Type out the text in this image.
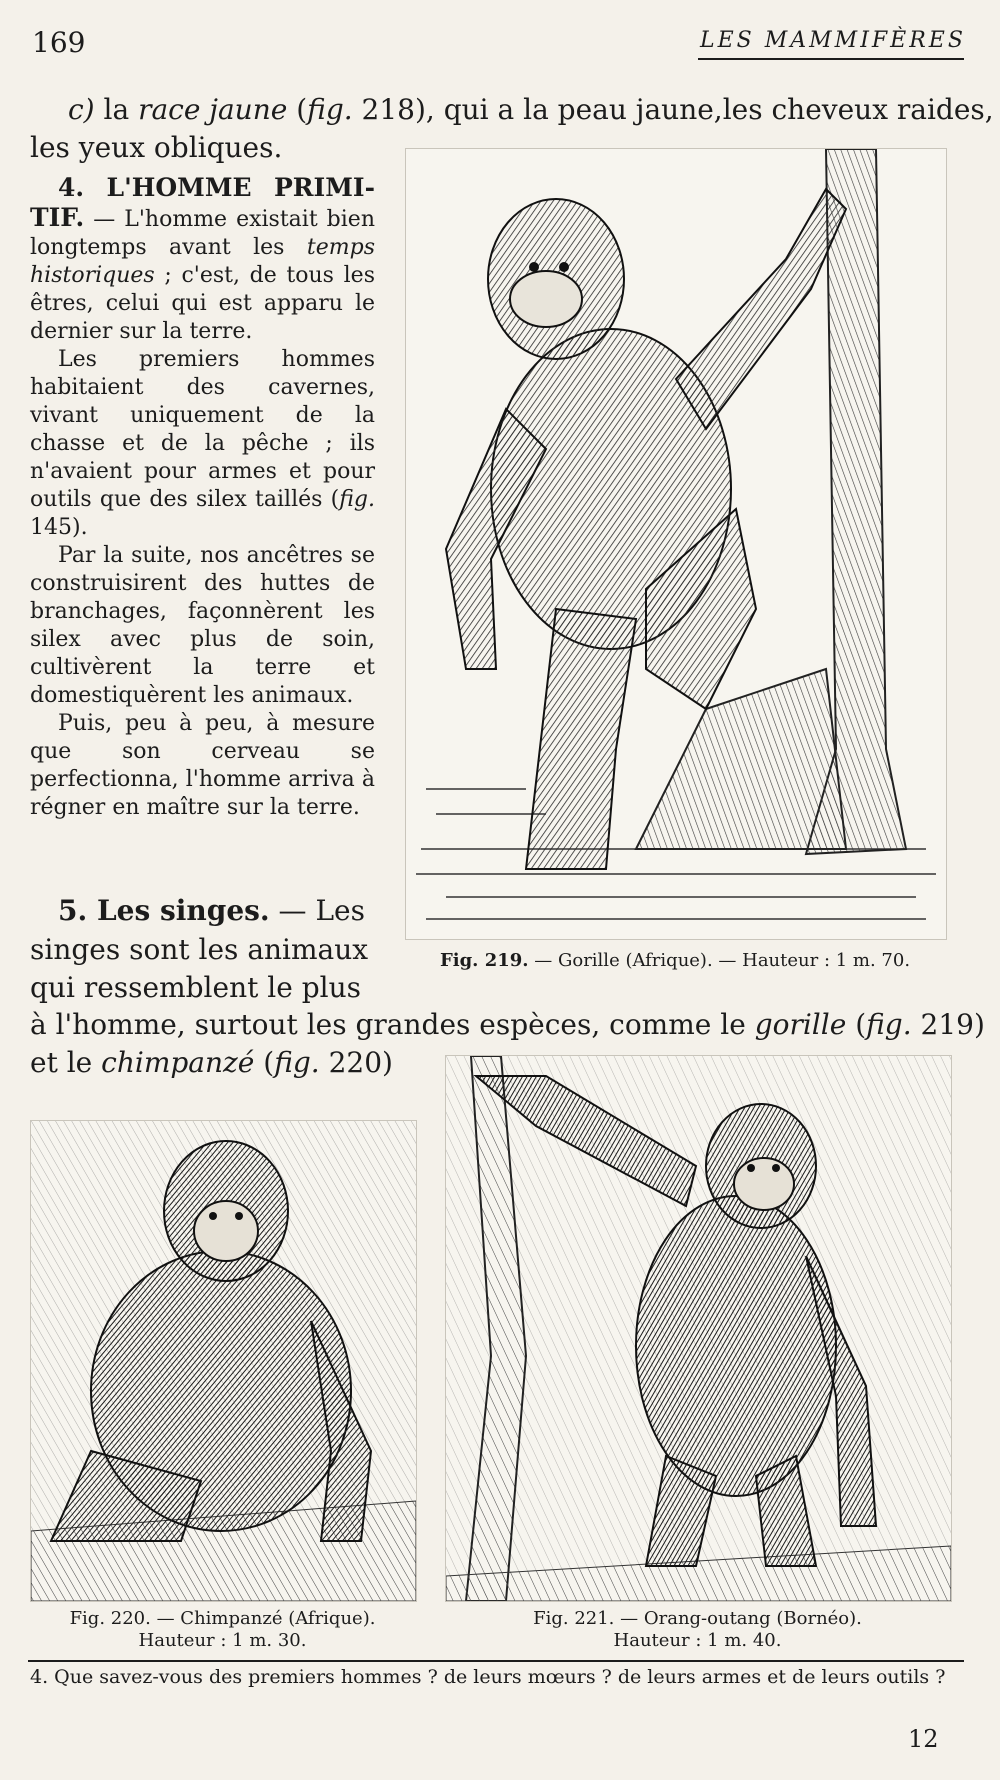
169	LES MAMMIFÈRES
c) la race jaune (fig. 218), qui a la peau jaune,les cheveux raides,
les yeux obliques.

4. L'HOMME PRIMI-TIF. — L'homme existait bien longtemps avant les temps historiques ; c'est, de tous les êtres, celui qui est apparu le dernier sur la terre.

Les premiers hommes habitaient des cavernes, vivant uniquement de la chasse et de la pêche ; ils n'avaient pour armes et pour outils que des silex taillés (fig. 145).

Par la suite, nos ancêtres se construisirent des huttes de branchages, façonnèrent les silex avec plus de soin, cultivèrent la terre et domestiquèrent les animaux.

Puis, peu à peu, à mesure que son cerveau se perfectionna, l'homme arriva à régner en maître sur la terre.

5. Les singes. — Les
singes sont les animaux
qui ressemblent le plus
à l'homme, surtout les grandes espèces, comme le gorille (fig. 219)
et le chimpanzé (fig. 220)
Fig. 219. — Gorille (Afrique). — Hauteur : 1 m. 70.
Fig. 220. — Chimpanzé (Afrique).
Hauteur : 1 m. 30.
Fig. 221. — Orang-outang (Bornéo).
Hauteur : 1 m. 40.
4. Que savez-vous des premiers hommes ? de leurs mœurs ? de leurs armes et de leurs outils ?
12
